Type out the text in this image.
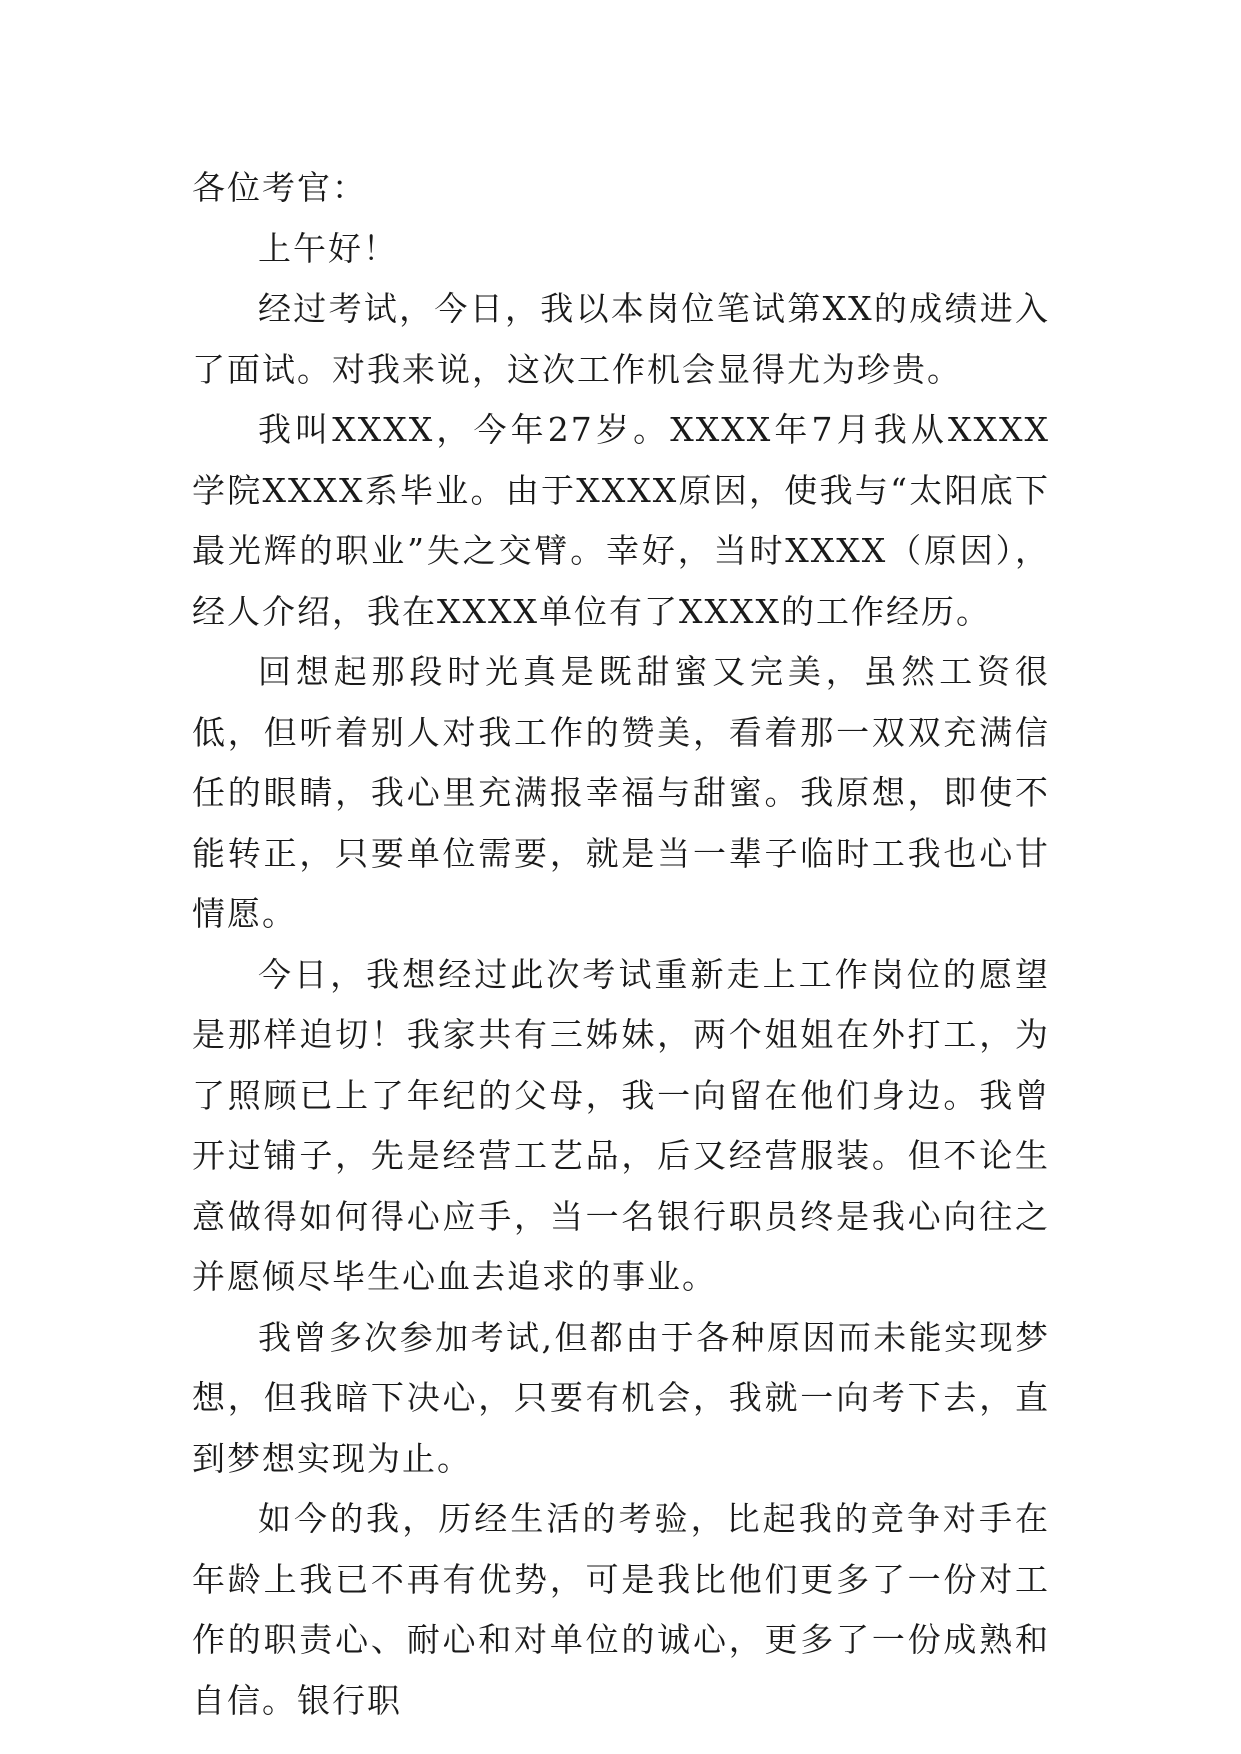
各位考官：

上午好！

经过考试，今日，我以本岗位笔试第XX的成绩进入了面试。对我来说，这次工作机会显得尤为珍贵。

我叫XXXX，今年27岁。XXXX年7月我从XXXX学院XXXX系毕业。由于XXXX原因，使我与“太阳底下最光辉的职业”失之交臂。幸好，当时XXXX（原因），经人介绍，我在XXXX单位有了XXXX的工作经历。

回想起那段时光真是既甜蜜又完美，虽然工资很低，但听着别人对我工作的赞美，看着那一双双充满信任的眼睛，我心里充满报幸福与甜蜜。我原想，即使不能转正，只要单位需要，就是当一辈子临时工我也心甘情愿。

今日，我想经过此次考试重新走上工作岗位的愿望是那样迫切！我家共有三姊妹，两个姐姐在外打工，为了照顾已上了年纪的父母，我一向留在他们身边。我曾开过铺子，先是经营工艺品，后又经营服装。但不论生意做得如何得心应手，当一名银行职员终是我心向往之并愿倾尽毕生心血去追求的事业。

我曾多次参加考试,但都由于各种原因而未能实现梦想，但我暗下决心，只要有机会，我就一向考下去，直到梦想实现为止。

如今的我，历经生活的考验，比起我的竞争对手在年龄上我已不再有优势，可是我比他们更多了一份对工作的职责心、耐心和对单位的诚心，更多了一份成熟和自信。银行职
